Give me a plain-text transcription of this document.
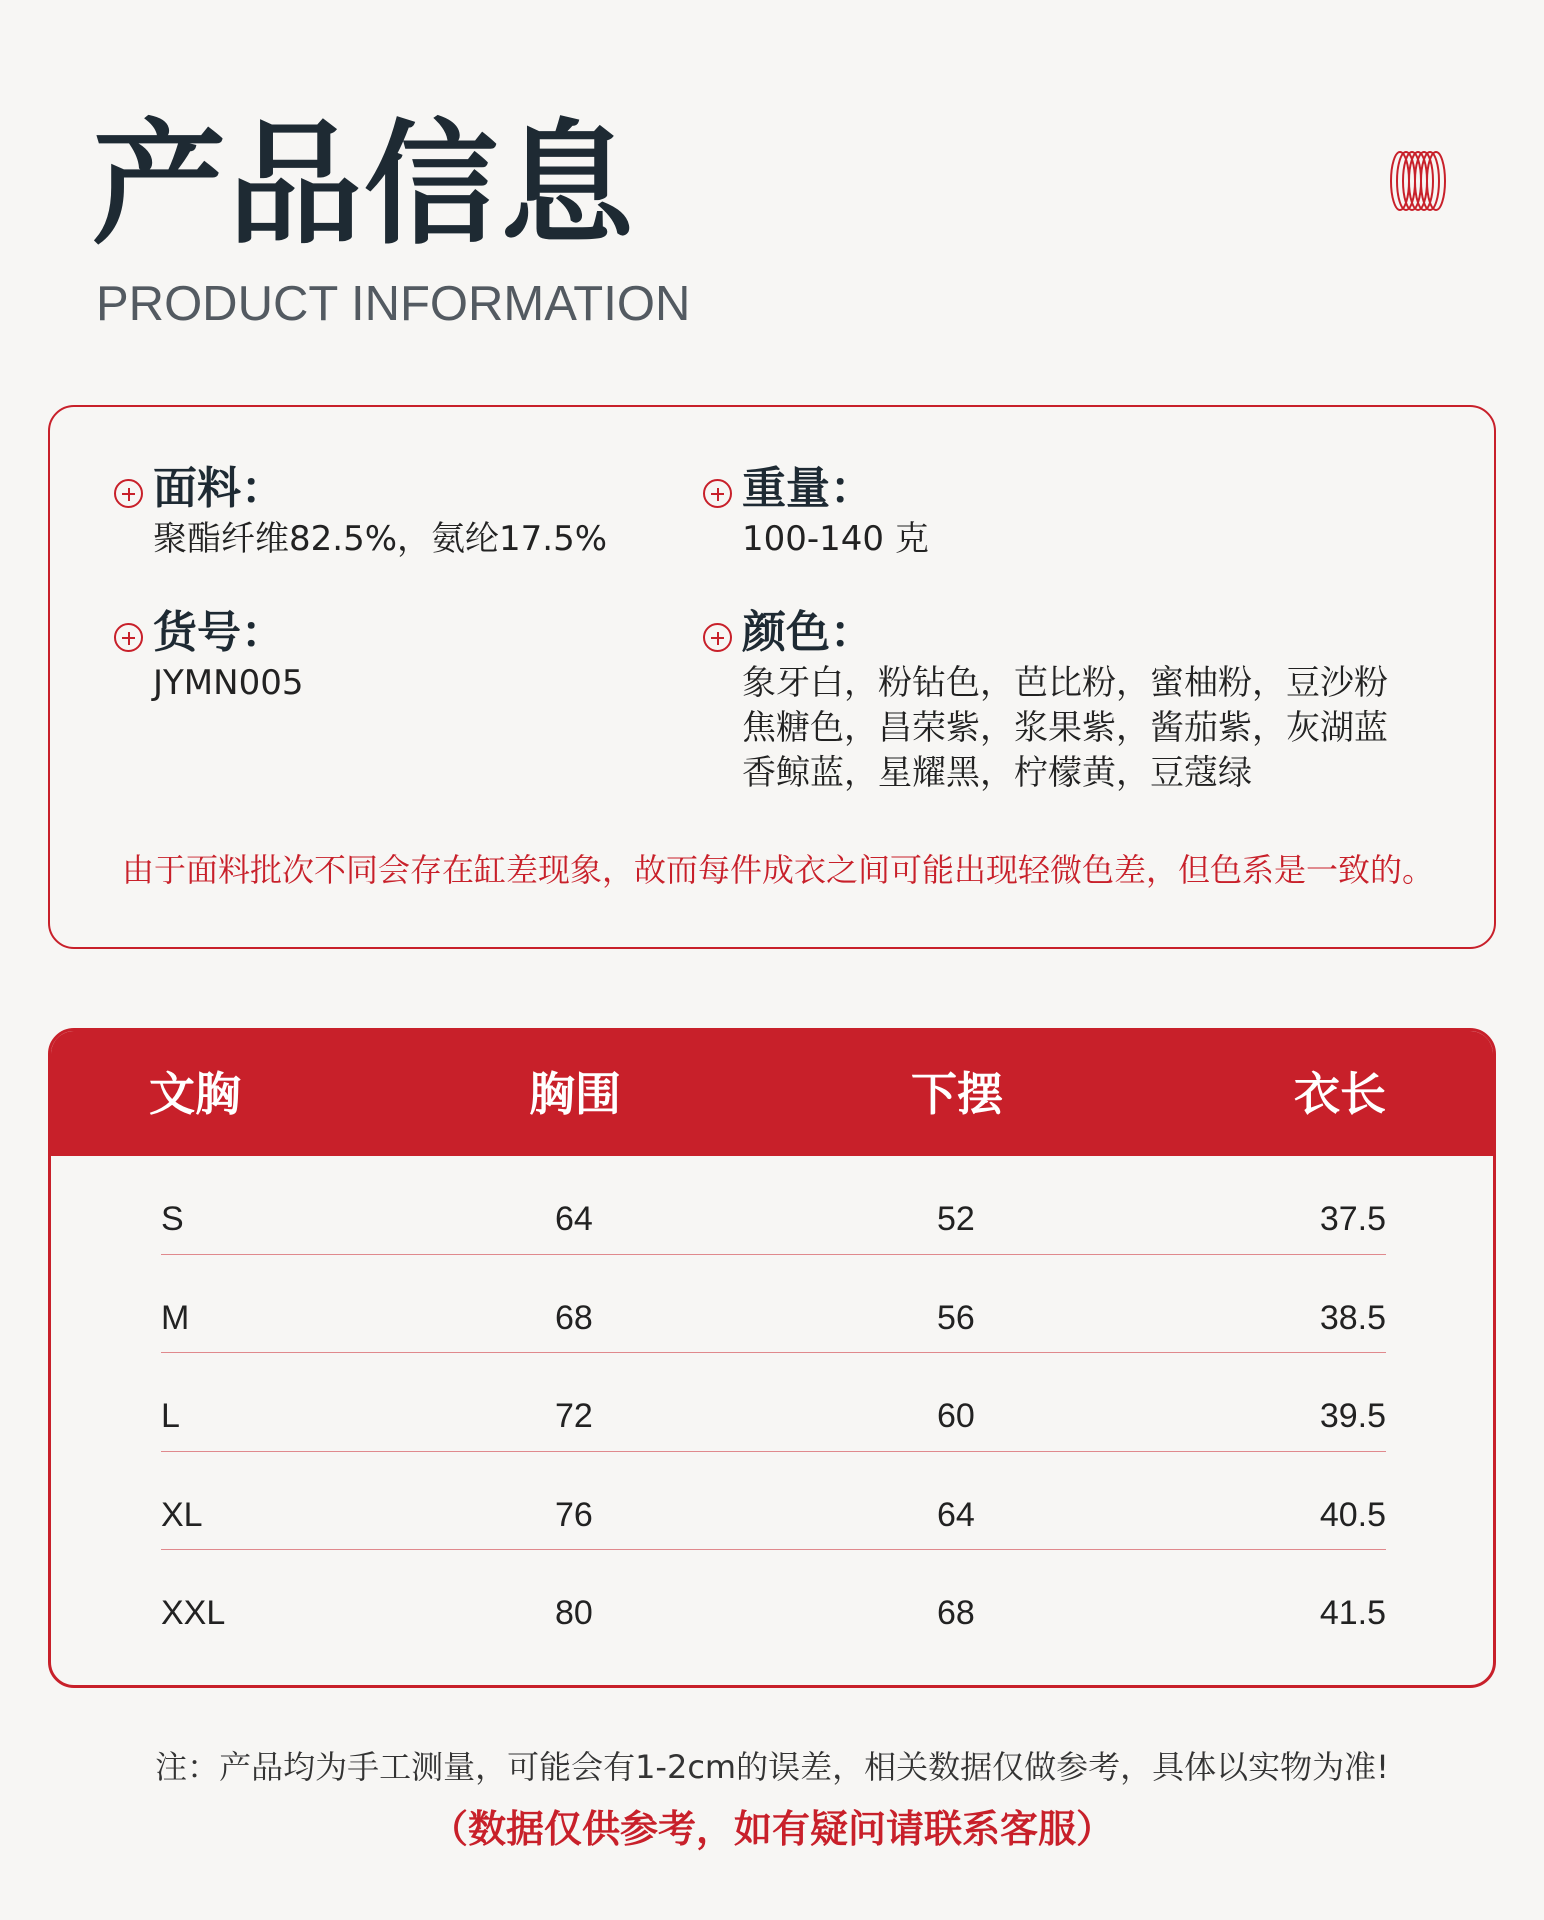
产品信息
PRODUCT INFORMATION
面料：
聚酯纤维82.5%，氨纶17.5%
重量：
100-140 克
货号：
JYMN005
颜色：
象牙白，粉钻色，芭比粉，蜜柚粉，豆沙粉
焦糖色，昌荣紫，浆果紫，酱茄紫，灰湖蓝
香鲸蓝，星耀黑，柠檬黄，豆蔻绿
由于面料批次不同会存在缸差现象，故而每件成衣之间可能出现轻微色差，但色系是一致的。
文胸	胸围	下摆	衣长
S	64	52	37.5
M	68	56	38.5
L	72	60	39.5
XL	76	64	40.5
XXL	80	68	41.5
注：产品均为手工测量，可能会有1-2cm的误差，相关数据仅做参考，具体以实物为准!
（数据仅供参考，如有疑问请联系客服）
